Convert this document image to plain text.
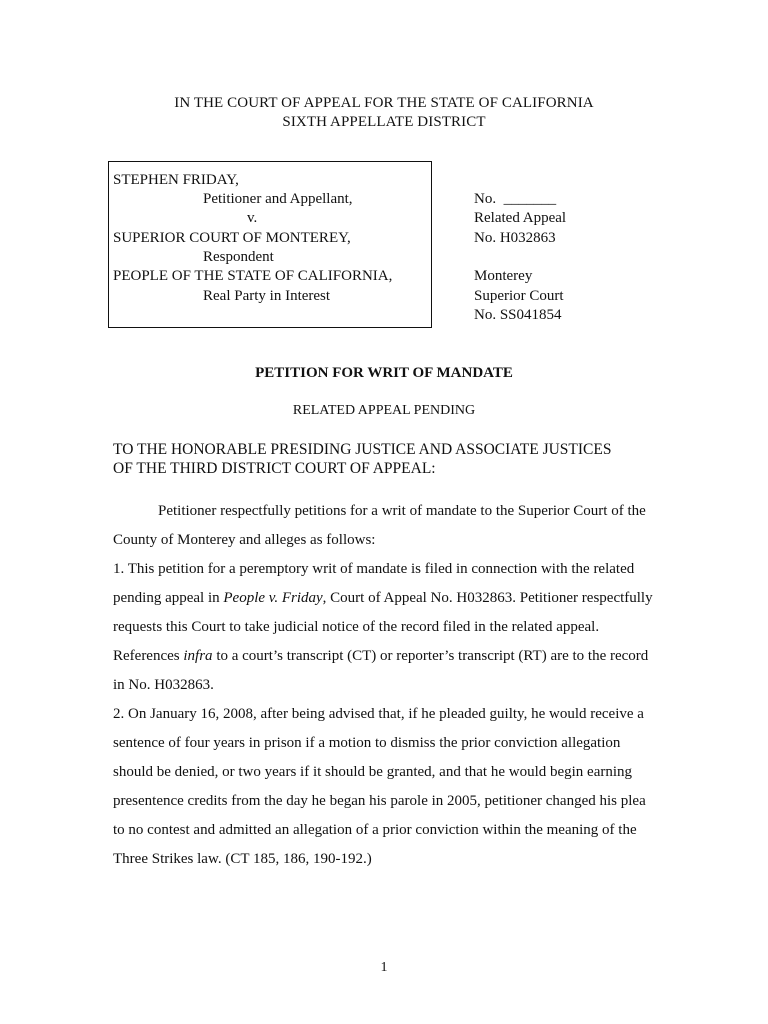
IN THE COURT OF APPEAL FOR THE STATE OF CALIFORNIA
SIXTH APPELLATE DISTRICT
STEPHEN FRIDAY,
Petitioner and Appellant,
v.
SUPERIOR COURT OF MONTEREY,
Respondent
PEOPLE OF THE STATE OF CALIFORNIA,
Real Party in Interest
No. _______
Related Appeal
No. H032863
Monterey
Superior Court
No. SS041854
PETITION FOR WRIT OF MANDATE
RELATED APPEAL PENDING
TO THE HONORABLE PRESIDING JUSTICE AND ASSOCIATE JUSTICES
OF THE THIRD DISTRICT COURT OF APPEAL:

Petitioner respectfully petitions for a writ of mandate to the Superior Court of the County of Monterey and alleges as follows:

1. This petition for a peremptory writ of mandate is filed in connection with the related pending appeal in People v. Friday, Court of Appeal No. H032863. Petitioner respectfully requests this Court to take judicial notice of the record filed in the related appeal. References infra to a court’s transcript (CT) or reporter’s transcript (RT) are to the record in No. H032863.

2. On January 16, 2008, after being advised that, if he pleaded guilty, he would receive a sentence of four years in prison if a motion to dismiss the prior conviction allegation should be denied, or two years if it should be granted, and that he would begin earning presentence credits from the day he began his parole in 2005, petitioner changed his plea to no contest and admitted an allegation of a prior conviction within the meaning of the Three Strikes law. (CT 185, 186, 190-192.)

1
